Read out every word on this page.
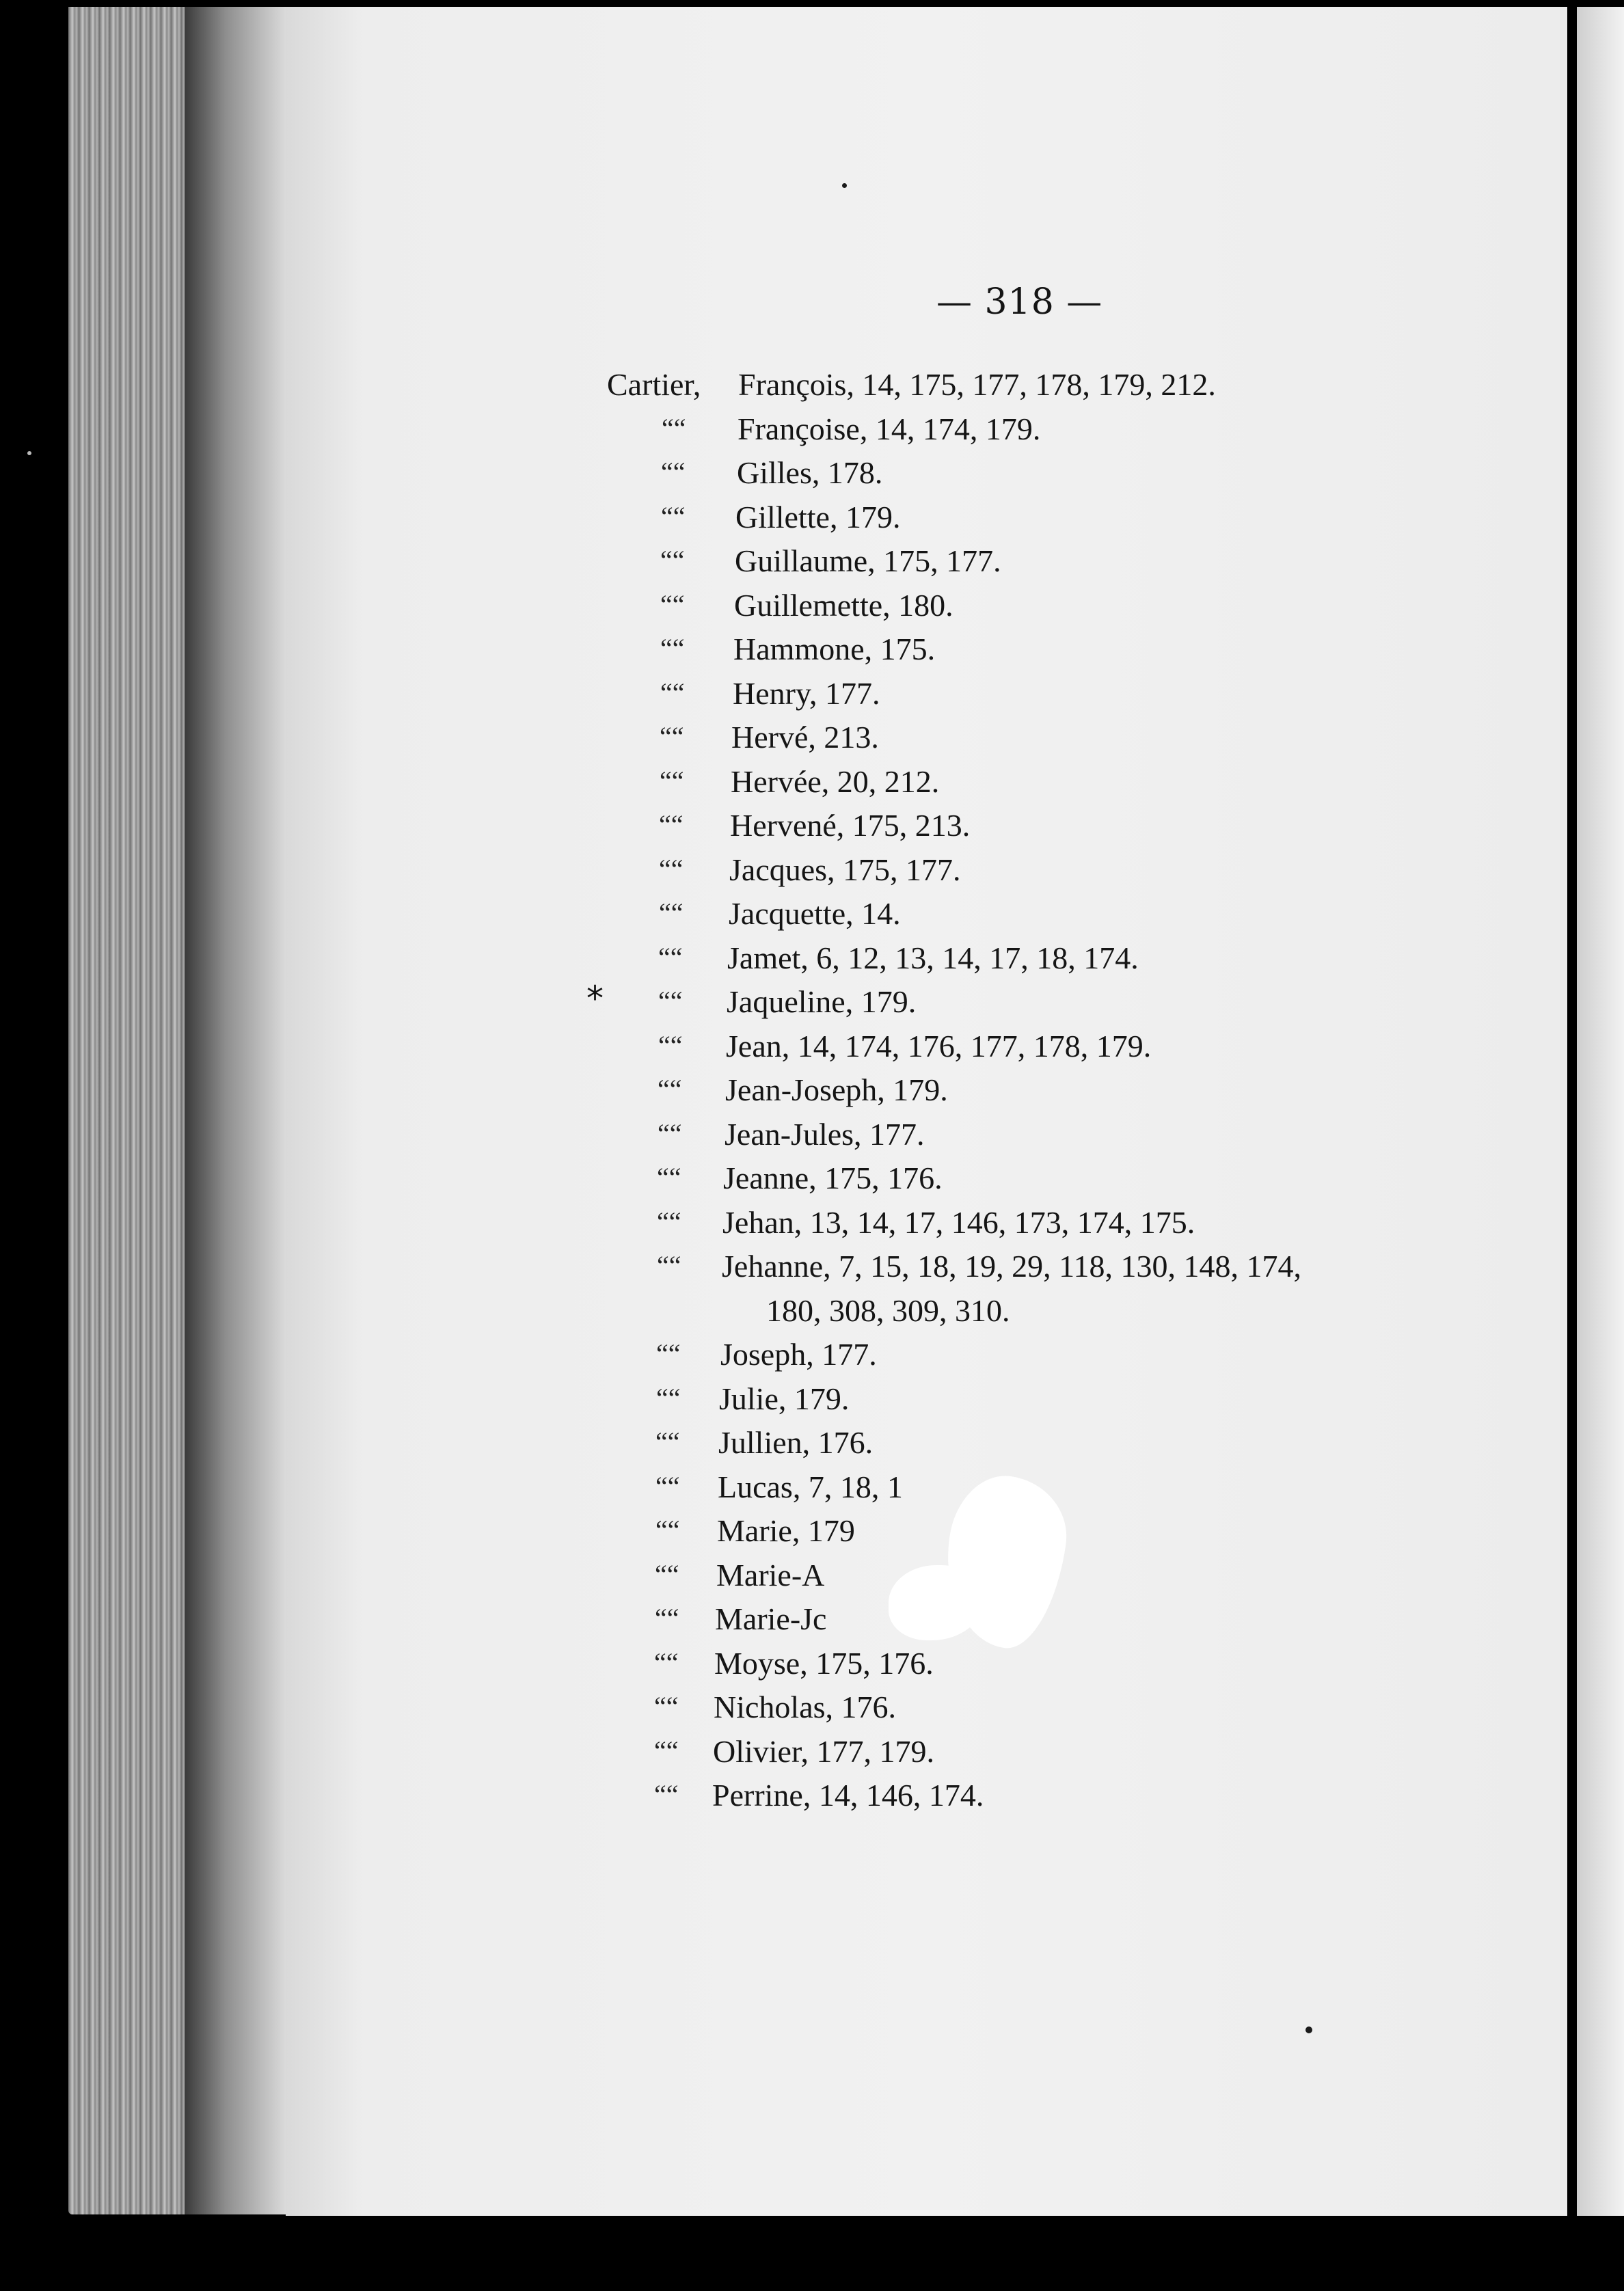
— 318 —
*
Cartier, François, 14, 175, 177, 178, 179, 212.
““ Françoise, 14, 174, 179.
““ Gilles, 178.
““ Gillette, 179.
““ Guillaume, 175, 177.
““ Guillemette, 180.
““ Hammone, 175.
““ Henry, 177.
““ Hervé, 213.
““ Hervée, 20, 212.
““ Hervené, 175, 213.
““ Jacques, 175, 177.
““ Jacquette, 14.
““ Jamet, 6, 12, 13, 14, 17, 18, 174.
““ Jaqueline, 179.
““ Jean, 14, 174, 176, 177, 178, 179.
““ Jean-Joseph, 179.
““ Jean-Jules, 177.
““ Jeanne, 175, 176.
““ Jehan, 13, 14, 17, 146, 173, 174, 175.
““ Jehanne, 7, 15, 18, 19, 29, 118, 130, 148, 174,
180, 308, 309, 310.
““ Joseph, 177.
““ Julie, 179.
““ Jullien, 176.
““ Lucas, 7, 18, 1
““ Marie, 179
““ Marie-A
““ Marie-Jc
““ Moyse, 175, 176.
““ Nicholas, 176.
““ Olivier, 177, 179.
““ Perrine, 14, 146, 174.
